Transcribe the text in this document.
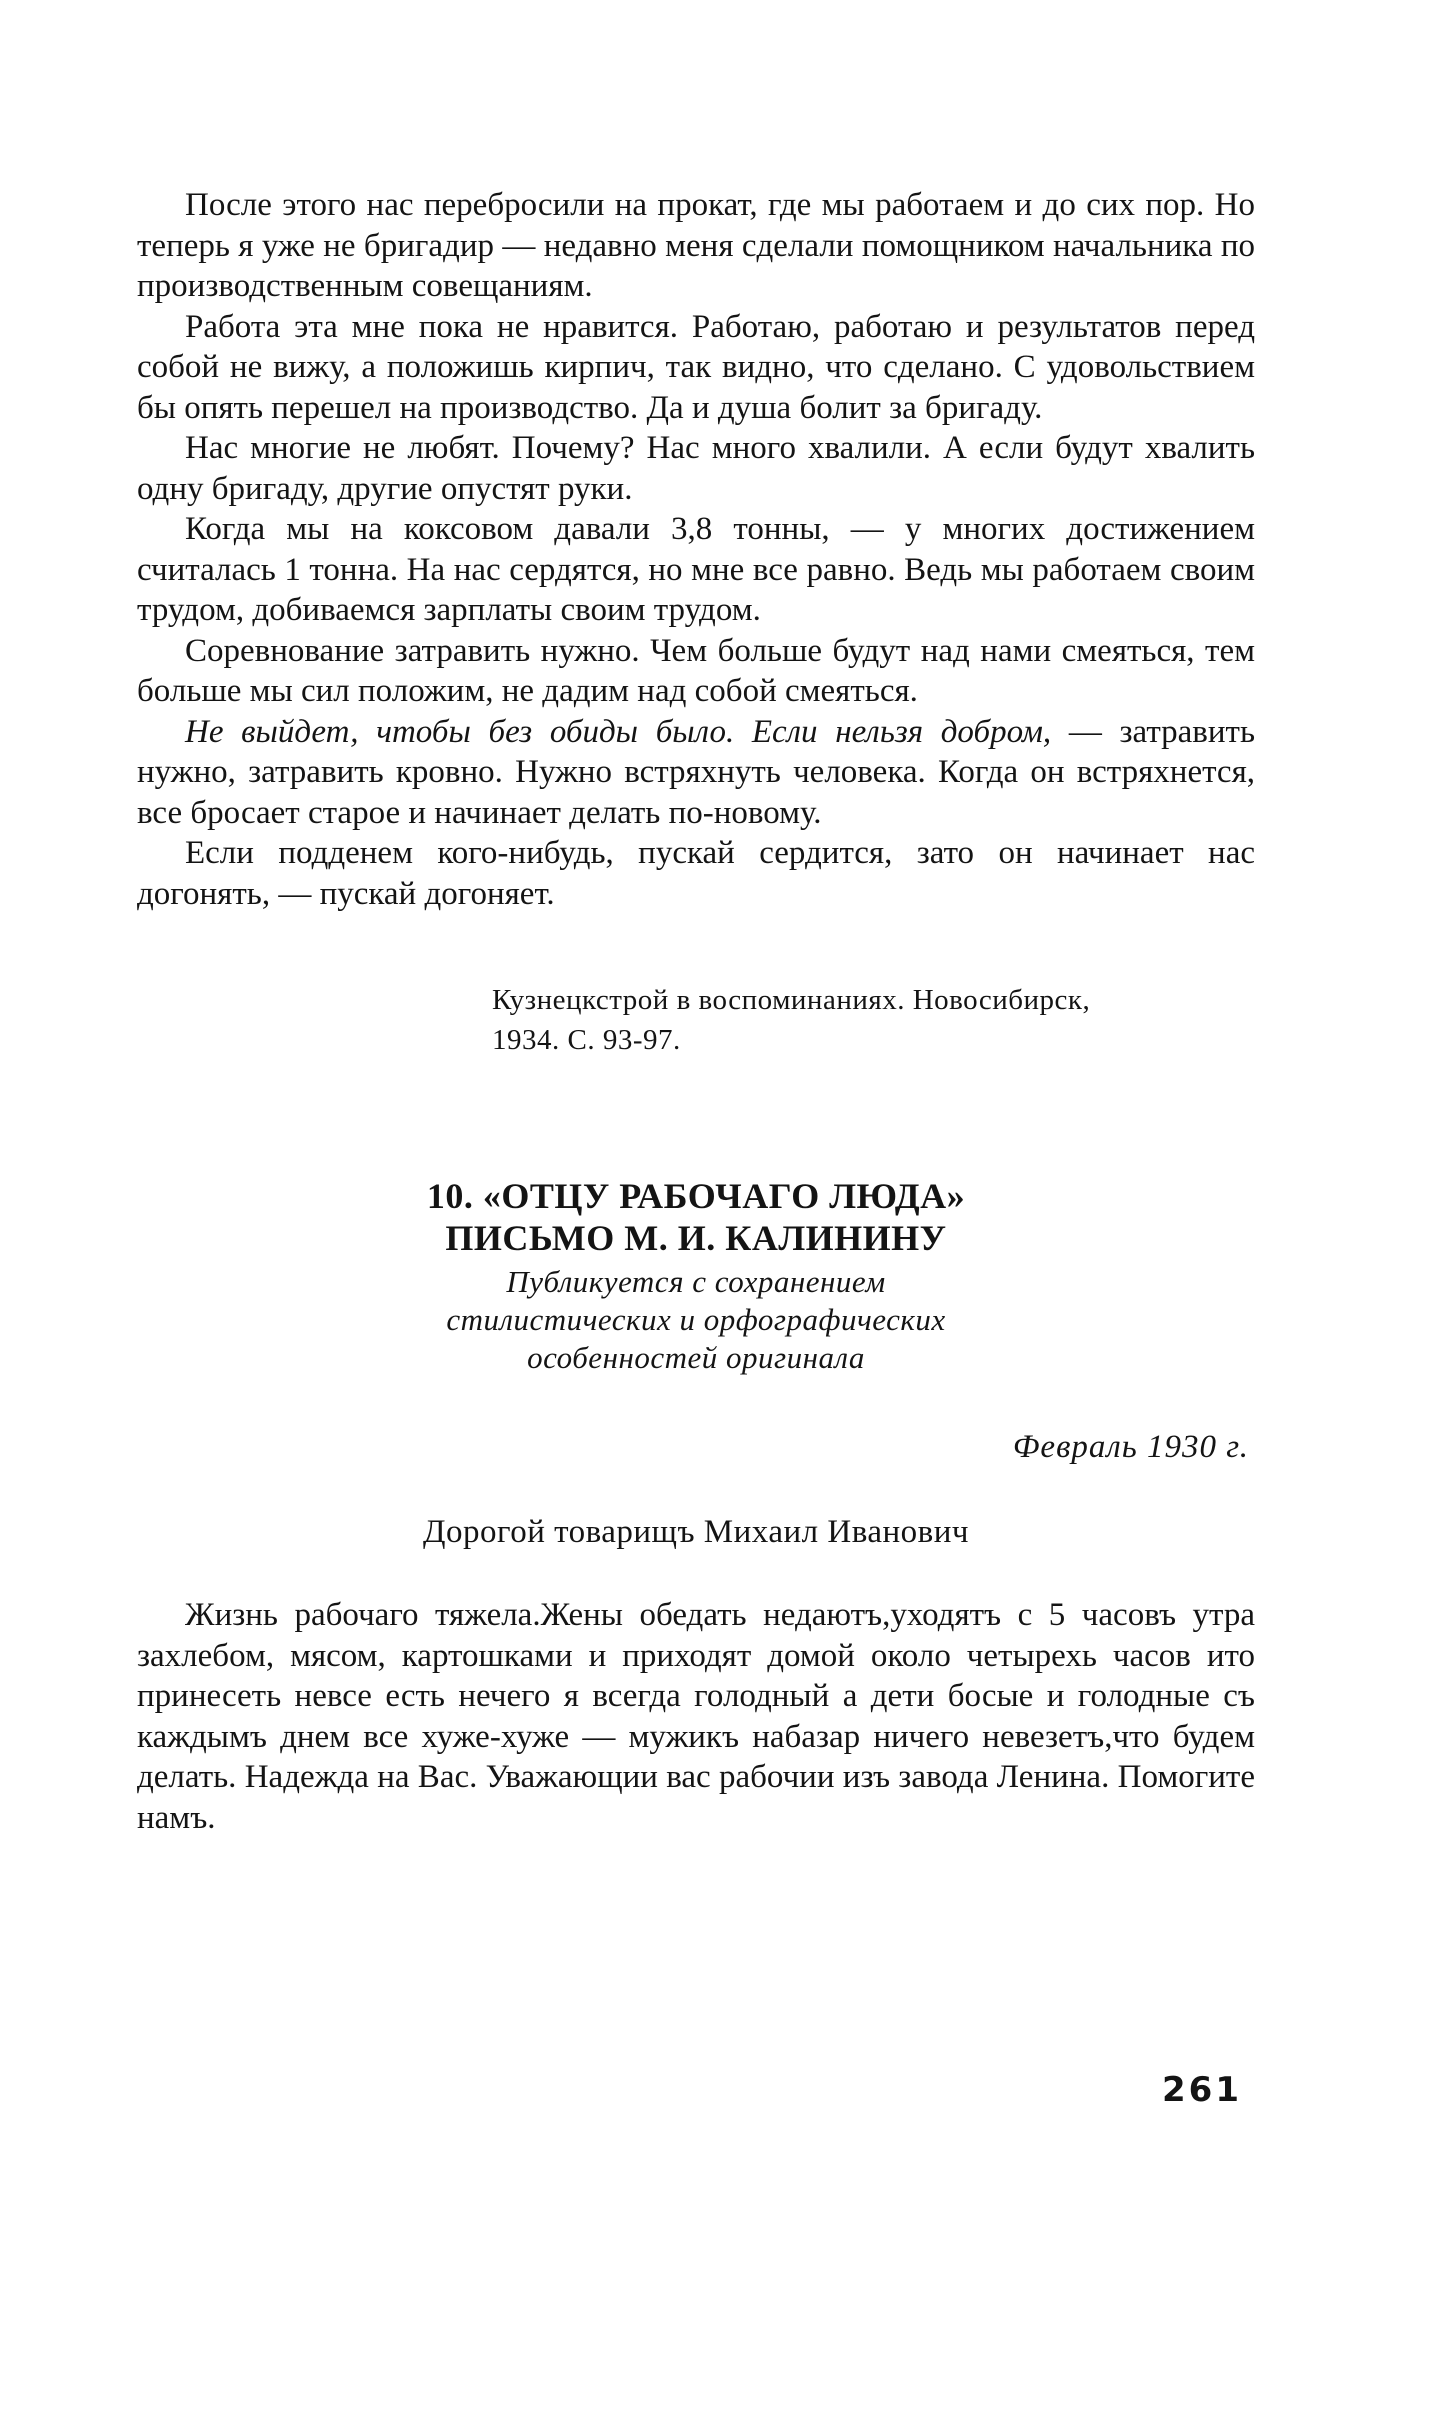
После этого нас перебросили на прокат, где мы работаем и до сих пор. Но теперь я уже не бригадир — недавно меня сделали помощником начальника по производственным совещаниям.

Работа эта мне пока не нравится. Работаю, работаю и результатов перед собой не вижу, а положишь кирпич, так видно, что сделано. С удовольствием бы опять перешел на производство. Да и душа болит за бригаду.

Нас многие не любят. Почему? Нас много хвалили. А если будут хвалить одну бригаду, другие опустят руки.

Когда мы на коксовом давали 3,8 тонны, — у многих достижением считалась 1 тонна. На нас сердятся, но мне все равно. Ведь мы работаем своим трудом, добиваемся зарплаты своим трудом.

Соревнование затравить нужно. Чем больше будут над нами смеяться, тем больше мы сил положим, не дадим над собой смеяться.

Не выйдет, чтобы без обиды было. Если нельзя добром, — затравить нужно, затравить кровно. Нужно встряхнуть человека. Когда он встряхнется, все бросает старое и начинает делать по-новому.

Если подденем кого-нибудь, пускай сердится, зато он начинает нас догонять, — пускай догоняет.

Кузнецкстрой в воспоминаниях. Новосибирск,
1934. С. 93-97.

10. «ОТЦУ РАБОЧАГО ЛЮДА»

ПИСЬМО М. И. КАЛИНИНУ

Публикуется с сохранением

стилистических и орфографических

особенностей оригинала

Февраль 1930 г.
Дорогой товарищъ Михаил Иванович

Жизнь рабочаго тяжела.Жены обедать недаютъ,уходятъ с 5 часовъ утра захлебом, мясом, картошками и приходят домой около четырехь часов ито принесеть невсе есть нечего я всегда голодный а дети босые и голодные съ каждымъ днем все хуже-хуже — мужикъ набазар ничего невезетъ,что будем делать. Надежда на Вас. Уважающии вас рабочии изъ завода Ленина. Помогите намъ.

261
